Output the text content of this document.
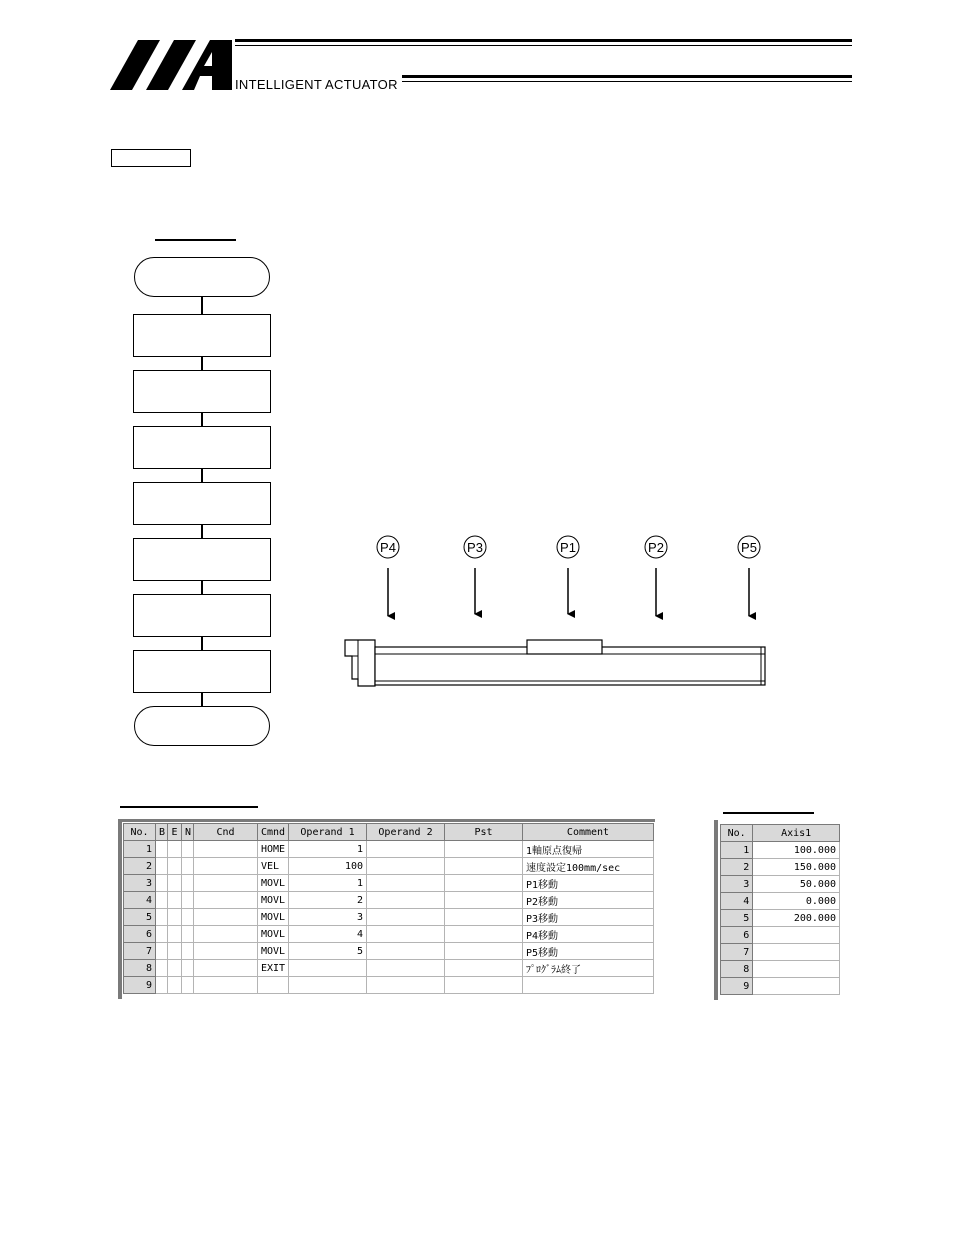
INTELLIGENT ACTUATOR
P4	P3	P1	P2	P5
No.	B	E	N	Cnd	Cmnd	Operand 1	Operand 2	Pst	Comment
1					HOME	1			1軸原点復帰
2					VEL	100			速度設定100mm/sec
3					MOVL	1			P1移動
4					MOVL	2			P2移動
5					MOVL	3			P3移動
6					MOVL	4			P4移動
7					MOVL	5			P5移動
8					EXIT				ﾌﾟﾛｸﾞﾗﾑ終了
9									
No.	Axis1
1	100.000
2	150.000
3	50.000
4	0.000
5	200.000
6	
7	
8	
9	
